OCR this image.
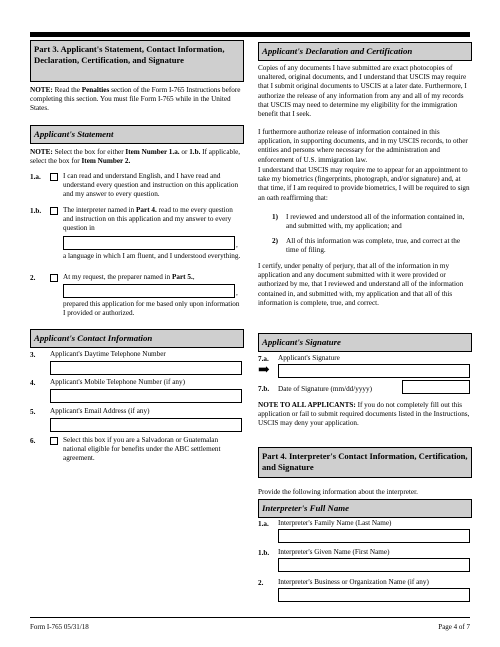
Part 3. Applicant's Statement, Contact Information, Declaration, Certification, and Signature

NOTE: Read the Penalties section of the Form I-765 Instructions before completing this section. You must file Form I-765 while in the United States.

Applicant's Statement

NOTE: Select the box for either Item Number 1.a. or 1.b. If applicable, select the box for Item Number 2.

1.a.	I can read and understand English, and I have read and understand every question and instruction on this application and my answer to every question.

1.b.	The interpreter named in Part 4. read to me every question and instruction on this application and my answer to every question in

,

a language in which I am fluent, and I understood everything.

2.	At my request, the preparer named in Part 5.,

,

prepared this application for me based only upon information I provided or authorized.

Applicant's Contact Information
3. Applicant's Daytime Telephone Number
4. Applicant's Mobile Telephone Number (if any)
5. Applicant's Email Address (if any)
6.	Select this box if you are a Salvadoran or Guatemalan national eligible for benefits under the ABC settlement agreement.

Applicant's Declaration and Certification

Copies of any documents I have submitted are exact photocopies of unaltered, original documents, and I understand that USCIS may require that I submit original documents to USCIS at a later date. Furthermore, I authorize the release of any information from any and all of my records that USCIS may need to determine my eligibility for the immigration benefit that I seek.

I furthermore authorize release of information contained in this application, in supporting documents, and in my USCIS records, to other entities and persons where necessary for the administration and enforcement of U.S. immigration law.

I understand that USCIS may require me to appear for an appointment to take my biometrics (fingerprints, photograph, and/or signature) and, at that time, if I am required to provide biometrics, I will be required to sign an oath reaffirming that:

1) I reviewed and understood all of the information contained in, and submitted with, my application; and

2) All of this information was complete, true, and correct at the time of filing.

I certify, under penalty of perjury, that all of the information in my application and any document submitted with it were provided or authorized by me, that I reviewed and understand all of the information contained in, and submitted with, my application and that all of this information is complete, true, and correct.

Applicant's Signature
7.a. Applicant's Signature
➡
7.b. Date of Signature (mm/dd/yyyy)

NOTE TO ALL APPLICANTS: If you do not completely fill out this application or fail to submit required documents listed in the Instructions, USCIS may deny your application.

Part 4. Interpreter's Contact Information, Certification, and Signature

Provide the following information about the interpreter.

Interpreter's Full Name
1.a. Interpreter's Family Name (Last Name)
1.b. Interpreter's Given Name (First Name)
2. Interpreter's Business or Organization Name (if any)
Form I-765 05/31/18	Page 4 of 7
